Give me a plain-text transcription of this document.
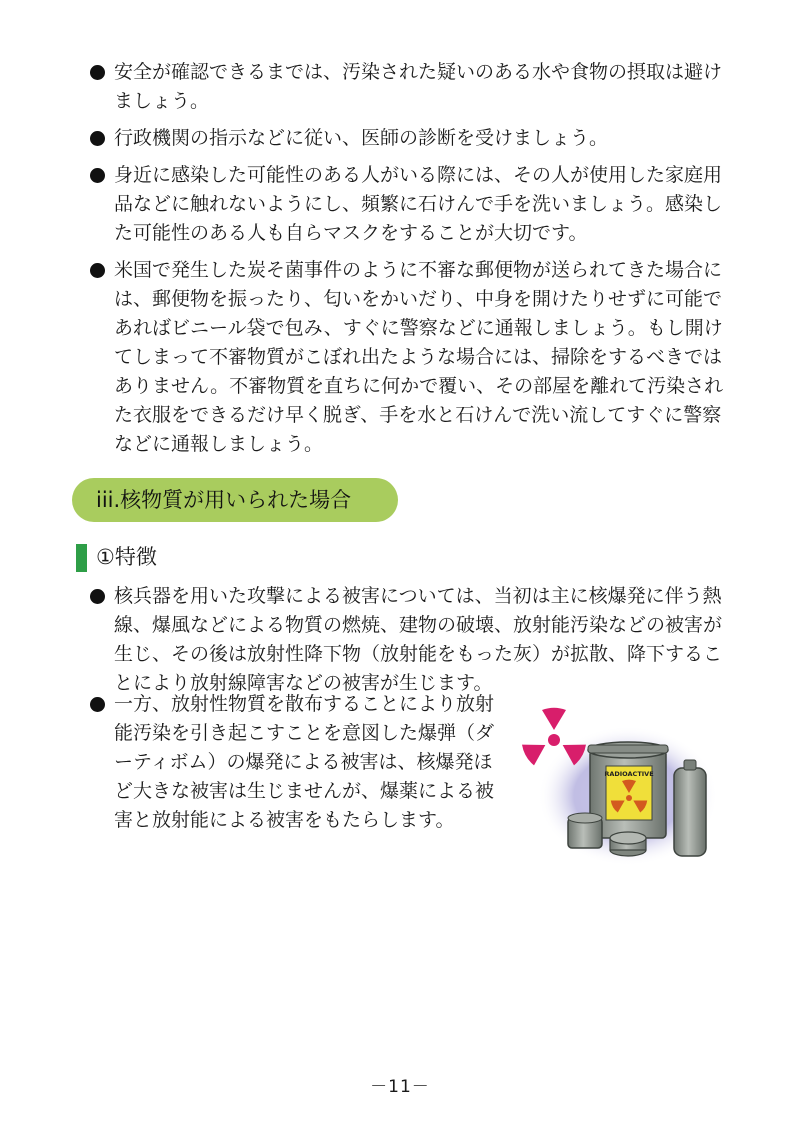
安全が確認できるまでは、汚染された疑いのある水や食物の摂取は避けましょう。
行政機関の指示などに従い、医師の診断を受けましょう。
身近に感染した可能性のある人がいる際には、その人が使用した家庭用品などに触れないようにし、頻繁に石けんで手を洗いましょう。感染した可能性のある人も自らマスクをすることが大切です。
米国で発生した炭そ菌事件のように不審な郵便物が送られてきた場合には、郵便物を振ったり、匂いをかいだり、中身を開けたりせずに可能であればビニール袋で包み、すぐに警察などに通報しましょう。もし開けてしまって不審物質がこぼれ出たような場合には、掃除をするべきではありません。不審物質を直ちに何かで覆い、その部屋を離れて汚染された衣服をできるだけ早く脱ぎ、手を水と石けんで洗い流してすぐに警察などに通報しましょう。
iii.核物質が用いられた場合
①特徴
核兵器を用いた攻撃による被害については、当初は主に核爆発に伴う熱線、爆風などによる物質の燃焼、建物の破壊、放射能汚染などの被害が生じ、その後は放射性降下物（放射能をもった灰）が拡散、降下することにより放射線障害などの被害が生じます。
一方、放射性物質を散布することにより放射能汚染を引き起こすことを意図した爆弾（ダーティボム）の爆発による被害は、核爆発ほど大きな被害は生じませんが、爆薬による被害と放射能による被害をもたらします。
RADIOACTIVE
－11－
